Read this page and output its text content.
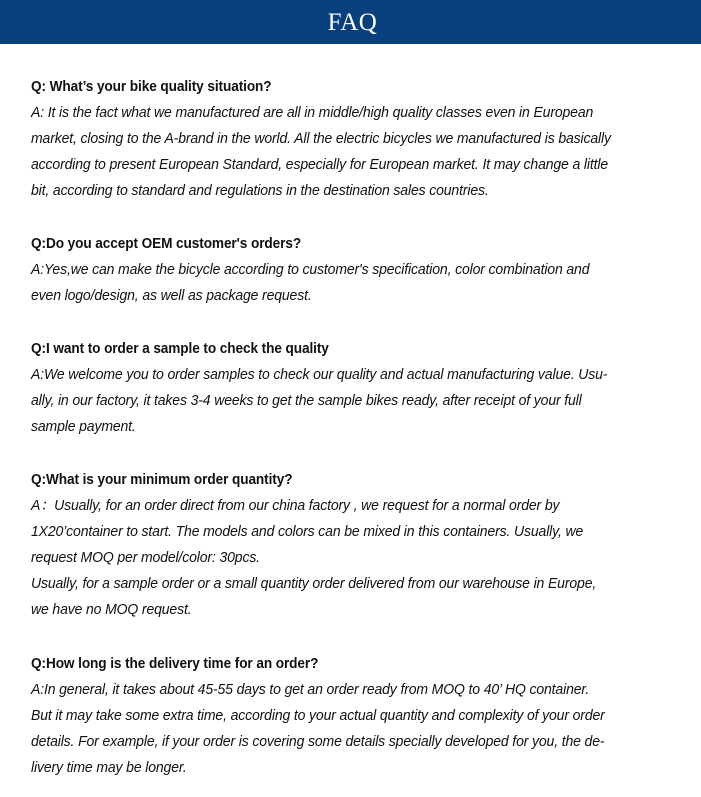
FAQ
Q: What’s your bike quality situation?
A: It is the fact what we manufactured are all in middle/high quality classes even in European
market, closing to the A-brand in the world. All the electric bicycles we manufactured is basically
according to present European Standard, especially for European market. It may change a little
bit, according to standard and regulations in the destination sales countries.
Q:Do you accept OEM customer's orders?
A:Yes,we can make the bicycle according to customer's specification, color combination and
even logo/design, as well as package request.
Q:I want to order a sample to check the quality
A:We welcome you to order samples to check our quality and actual manufacturing value. Usu-
ally, in our factory, it takes 3-4 weeks to get the sample bikes ready, after receipt of your full
sample payment.
Q:What is your minimum order quantity?
A：Usually, for an order direct from our china factory , we request for a normal order by
1X20’container to start. The models and colors can be mixed in this containers. Usually, we
request MOQ per model/color: 30pcs.
Usually, for a sample order or a small quantity order delivered from our warehouse in Europe,
we have no MOQ request.
Q:How long is the delivery time for an order?
A:In general, it takes about 45-55 days to get an order ready from MOQ to 40’ HQ container.
But it may take some extra time, according to your actual quantity and complexity of your order
details. For example, if your order is covering some details specially developed for you, the de-
livery time may be longer.
